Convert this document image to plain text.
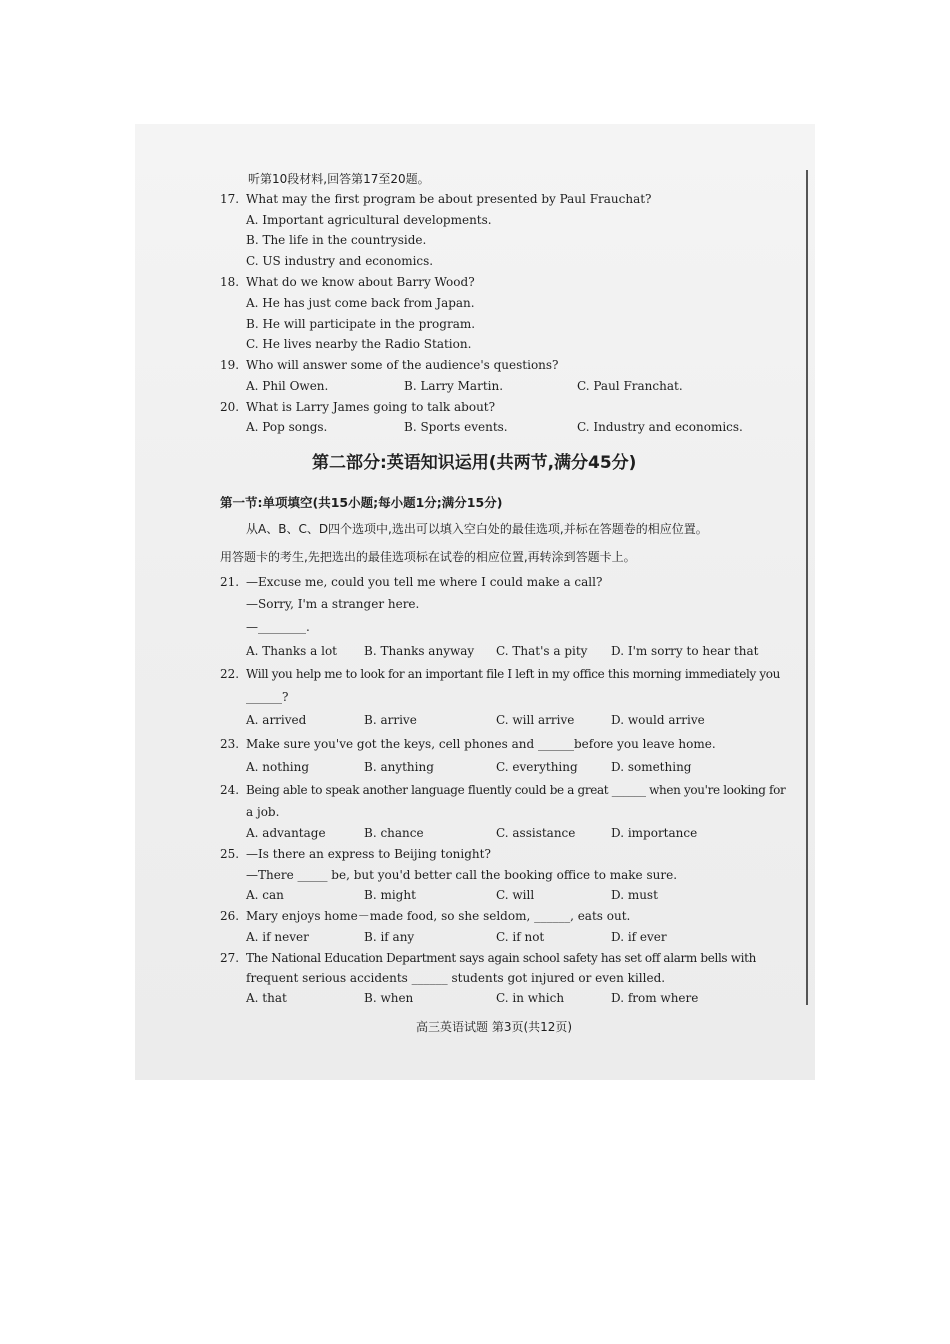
听第10段材料,回答第17至20题。
17. What may the first program be about presented by Paul Frauchat?
A. Important agricultural developments.
B. The life in the countryside.
C. US industry and economics.
18. What do we know about Barry Wood?
A. He has just come back from Japan.
B. He will participate in the program.
C. He lives nearby the Radio Station.
19. Who will answer some of the audience's questions?
A. Phil Owen.	B. Larry Martin.	C. Paul Franchat.
20. What is Larry James going to talk about?
A. Pop songs.	B. Sports events.	C. Industry and economics.
第二部分:英语知识运用(共两节,满分45分)
第一节:单项填空(共15小题;每小题1分;满分15分)
从A、B、C、D四个选项中,选出可以填入空白处的最佳选项,并标在答题卷的相应位置。
用答题卡的考生,先把选出的最佳选项标在试卷的相应位置,再转涂到答题卡上。
21. —Excuse me, could you tell me where I could make a call?
—Sorry, I'm a stranger here.
—________.
A. Thanks a lot B. Thanks anyway C. That's a pity D. I'm sorry to hear that
22. Will you help me to look for an important file I left in my office this morning immediately you
______?
A. arrived	B. arrive	C. will arrive	D. would arrive
23. Make sure you've got the keys, cell phones and ______before you leave home.
A. nothing	B. anything	C. everything	D. something
24. Being able to speak another language fluently could be a great ______ when you're looking for
a job.
A. advantage	B. chance	C. assistance	D. importance
25. —Is there an express to Beijing tonight?
—There _____ be, but you'd better call the booking office to make sure.
A. can	B. might	C. will	D. must
26. Mary enjoys home－made food, so she seldom, ______, eats out.
A. if never	B. if any	C. if not	D. if ever
27. The National Education Department says again school safety has set off alarm bells with
frequent serious accidents ______ students got injured or even killed.
A. that	B. when	C. in which	D. from where
高三英语试题 第3页(共12页)
